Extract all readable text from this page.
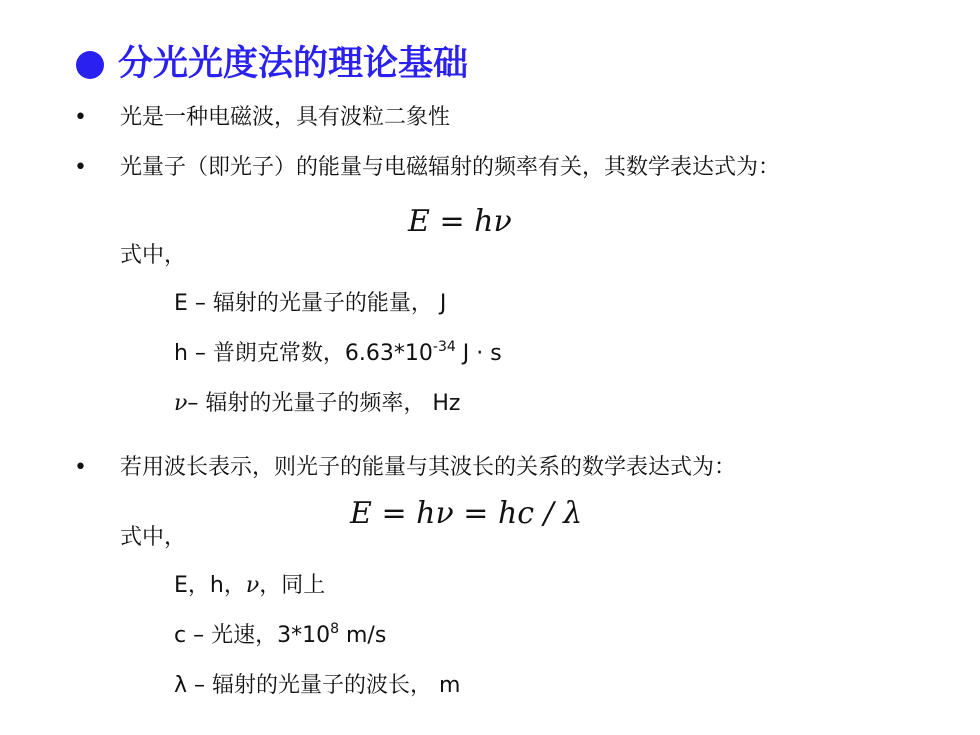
分光光度法的理论基础
• 光是一种电磁波，具有波粒二象性
• 光量子（即光子）的能量与电磁辐射的频率有关，其数学表达式为：
E = hν
式中，
E – 辐射的光量子的能量， J
h – 普朗克常数，$6.63*10^{-34}$ J · s
ν– 辐射的光量子的频率， Hz
• 若用波长表示，则光子的能量与其波长的关系的数学表达式为：
E = hν = hc / λ
式中，
E，h，ν，同上
c – 光速，$3*10^8$ m/s
λ – 辐射的光量子的波长， m
